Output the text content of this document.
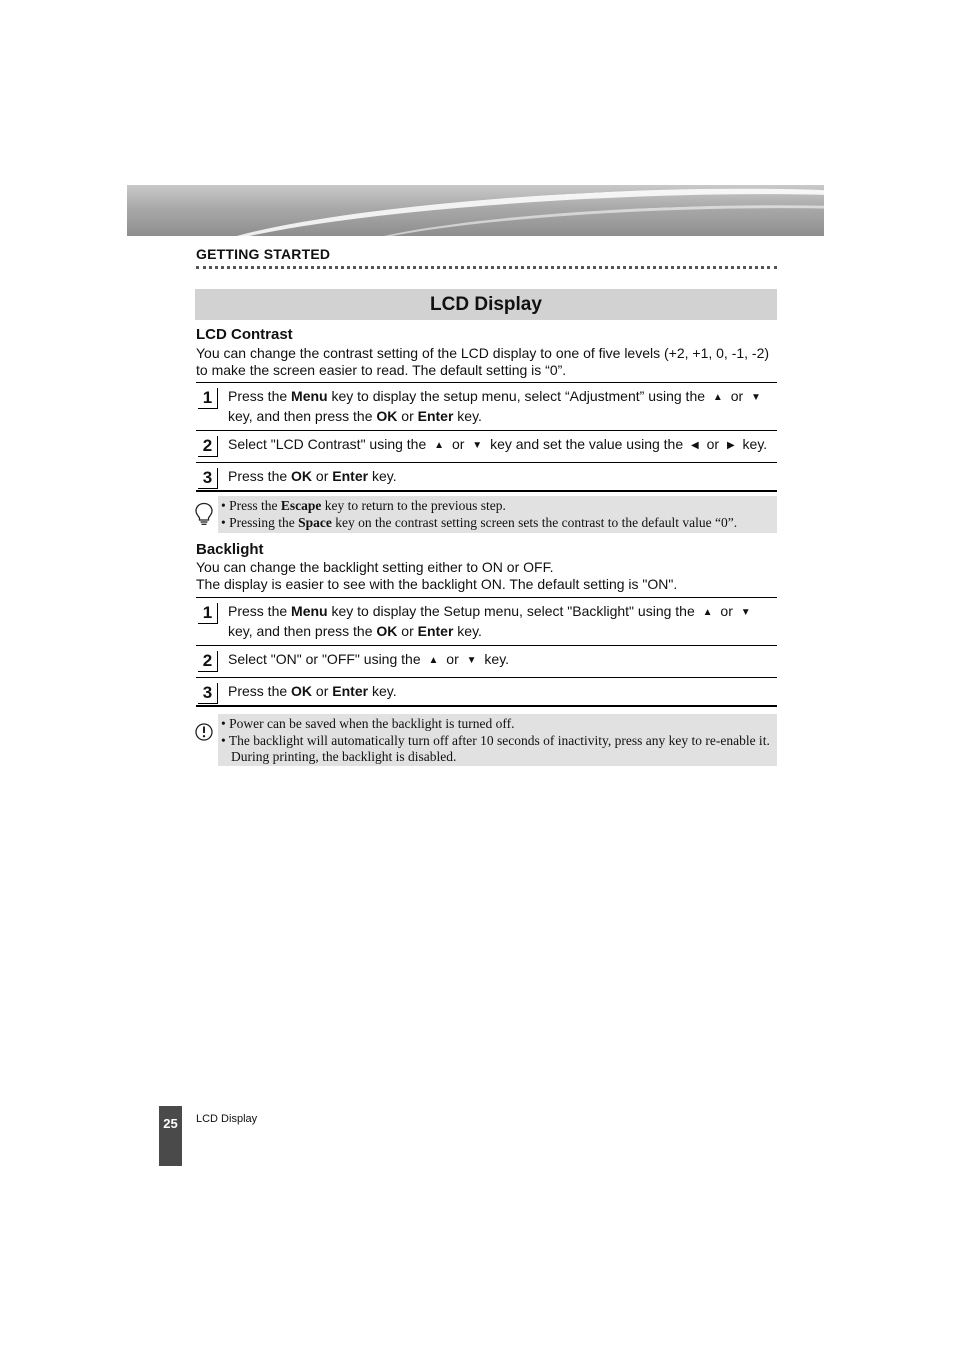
GETTING STARTED
LCD Display
LCD Contrast
You can change the contrast setting of the LCD display to one of five levels (+2, +1, 0, -1, -2) to make the screen easier to read. The default setting is “0”.
1	Press the Menu key to display the setup menu, select “Adjustment” using the ▲ or ▼ key, and then press the OK or Enter key.
2	Select "LCD Contrast" using the ▲ or ▼ key and set the value using the ◀ or ▶ key.
3	Press the OK or Enter key.
• Press the Escape key to return to the previous step.
• Pressing the Space key on the contrast setting screen sets the contrast to the default value “0”.
Backlight
You can change the backlight setting either to ON or OFF.
The display is easier to see with the backlight ON. The default setting is "ON".
1	Press the Menu key to display the Setup menu, select "Backlight" using the ▲ or ▼ key, and then press the OK or Enter key.
2	Select "ON" or "OFF" using the ▲ or ▼ key.
3	Press the OK or Enter key.
• Power can be saved when the backlight is turned off.
• The backlight will automatically turn off after 10 seconds of inactivity, press any key to re-enable it. During printing, the backlight is disabled.
25	LCD Display
